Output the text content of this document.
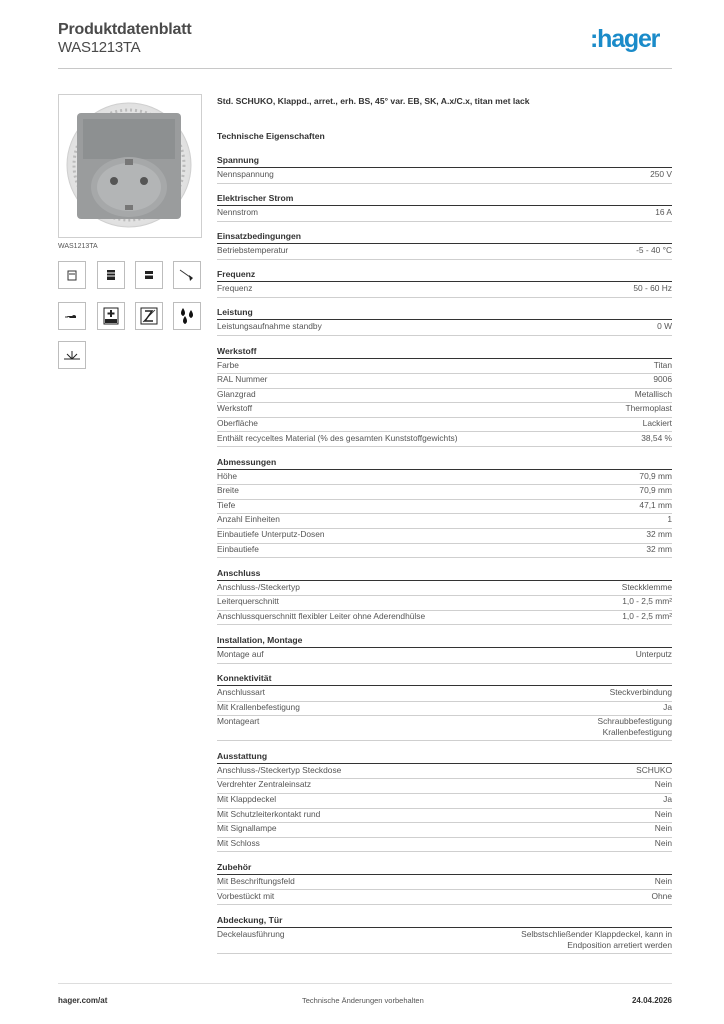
Produktdatenblatt
WAS1213TA	:hager
WAS1213TA
Std. SCHUKO, Klappd., arret., erh. BS, 45° var. EB, SK, A.x/C.x, titan met lack
Technische Eigenschaften
Spannung
Nennspannung	250 V
Elektrischer Strom
Nennstrom	16 A
Einsatzbedingungen
Betriebstemperatur	-5 - 40 °C
Frequenz
Frequenz	50 - 60 Hz
Leistung
Leistungsaufnahme standby	0 W
Werkstoff
Farbe	Titan
RAL Nummer	9006
Glanzgrad	Metallisch
Werkstoff	Thermoplast
Oberfläche	Lackiert
Enthält recyceltes Material (% des gesamten Kunststoffgewichts)	38,54 %
Abmessungen
Höhe	70,9 mm
Breite	70,9 mm
Tiefe	47,1 mm
Anzahl Einheiten	1
Einbautiefe Unterputz-Dosen	32 mm
Einbautiefe	32 mm
Anschluss
Anschluss-/Steckertyp	Steckklemme
Leiterquerschnitt	1,0 - 2,5 mm²
Anschlussquerschnitt flexibler Leiter ohne Aderendhülse	1,0 - 2,5 mm²
Installation, Montage
Montage auf	Unterputz
Konnektivität
Anschlussart	Steckverbindung
Mit Krallenbefestigung	Ja
Montageart	Schraubbefestigung
Krallenbefestigung
Ausstattung
Anschluss-/Steckertyp Steckdose	SCHUKO
Verdrehter Zentraleinsatz	Nein
Mit Klappdeckel	Ja
Mit Schutzleiterkontakt rund	Nein
Mit Signallampe	Nein
Mit Schloss	Nein
Zubehör
Mit Beschriftungsfeld	Nein
Vorbestückt mit	Ohne
Abdeckung, Tür
Deckelausführung	Selbstschließender Klappdeckel, kann in
Endposition arretiert werden
hager.com/at	Technische Änderungen vorbehalten	24.04.2026
